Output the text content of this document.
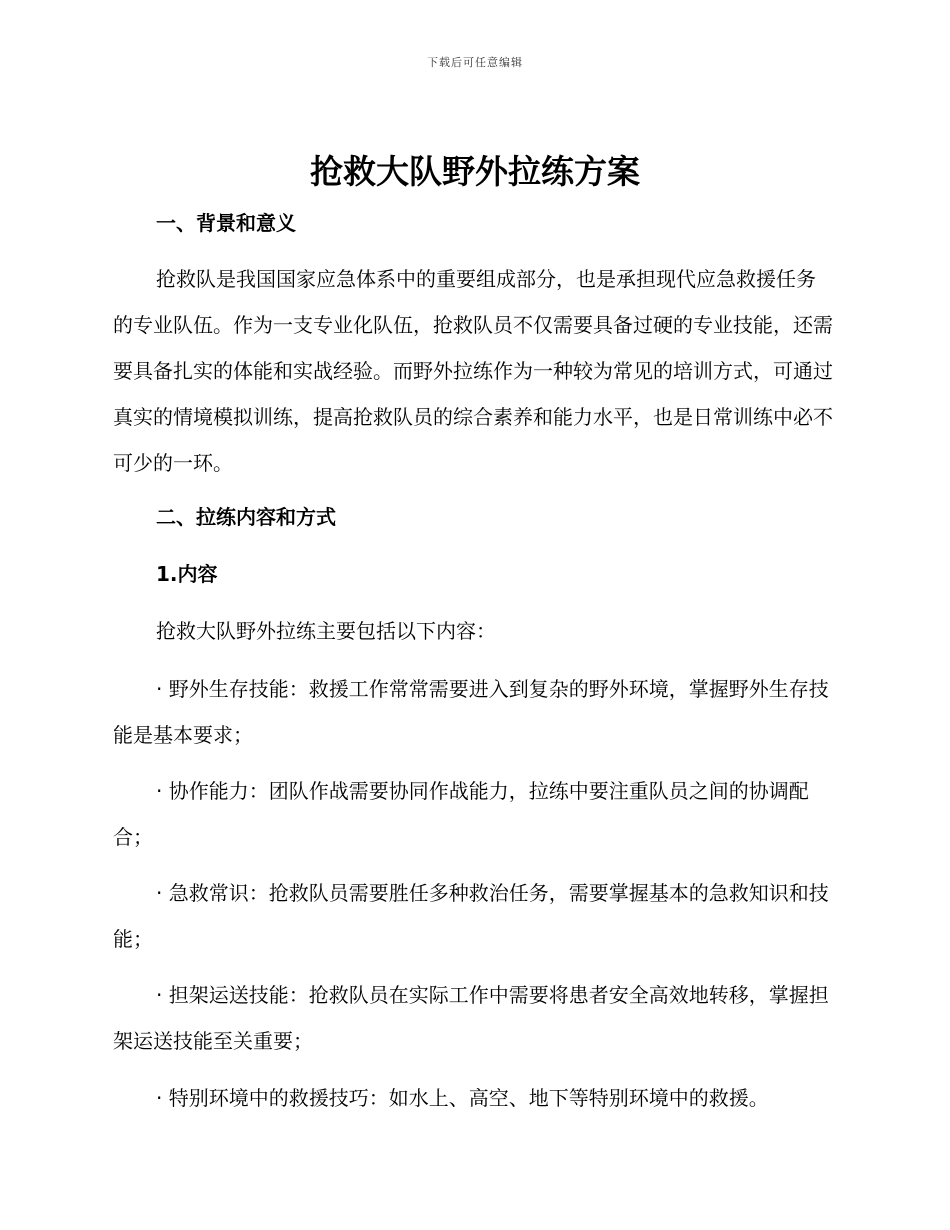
下载后可任意编辑
抢救大队野外拉练方案
一、背景和意义

抢救队是我国国家应急体系中的重要组成部分，也是承担现代应急救援任务的专业队伍。作为一支专业化队伍，抢救队员不仅需要具备过硬的专业技能，还需要具备扎实的体能和实战经验。而野外拉练作为一种较为常见的培训方式，可通过真实的情境模拟训练，提高抢救队员的综合素养和能力水平，也是日常训练中必不可少的一环。

二、拉练内容和方式
1.内容

抢救大队野外拉练主要包括以下内容：

· 野外生存技能：救援工作常常需要进入到复杂的野外环境，掌握野外生存技能是基本要求；

· 协作能力：团队作战需要协同作战能力，拉练中要注重队员之间的协调配合；

· 急救常识：抢救队员需要胜任多种救治任务，需要掌握基本的急救知识和技能；

· 担架运送技能：抢救队员在实际工作中需要将患者安全高效地转移，掌握担架运送技能至关重要；

· 特别环境中的救援技巧：如水上、高空、地下等特别环境中的救援。
